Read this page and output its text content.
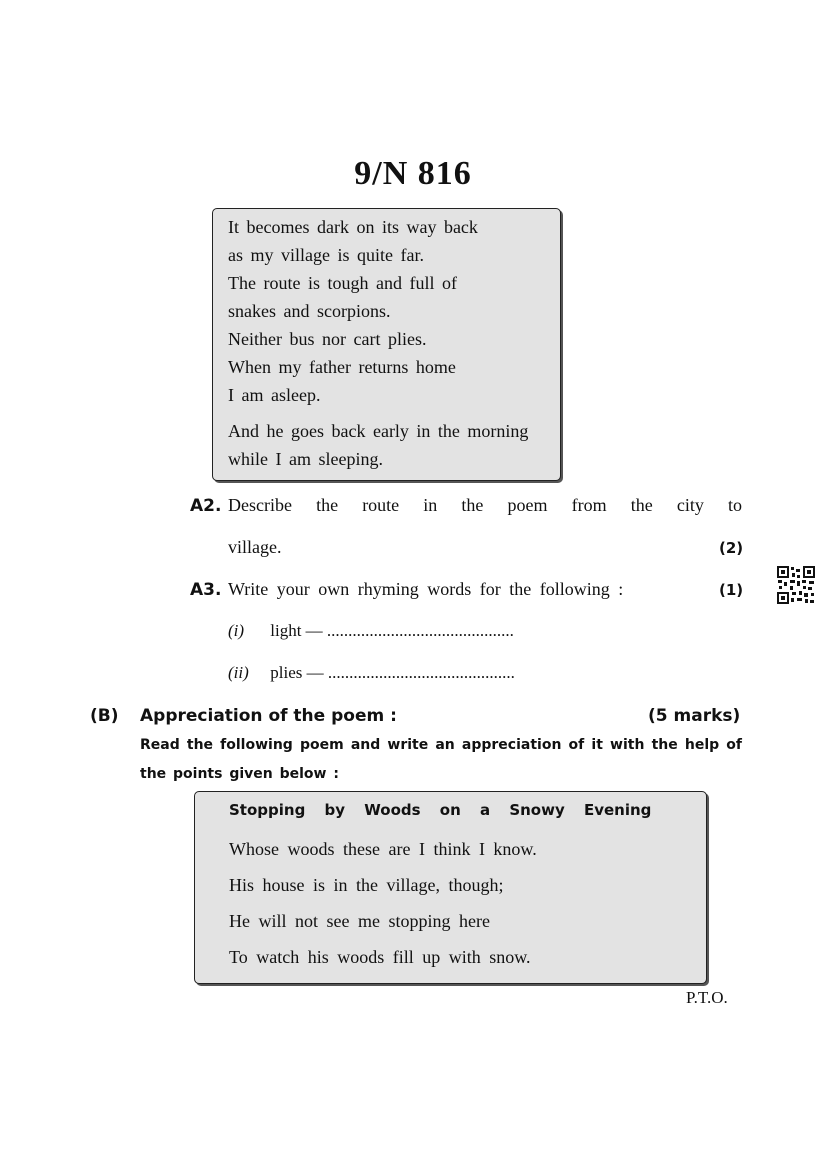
9/N 816
It becomes dark on its way back
as my village is quite far.
The route is tough and full of
snakes and scorpions.
Neither bus nor cart plies.
When my father returns home
I am asleep.
And he goes back early in the morning
while I am sleeping.
A2. Describe the route in the poem from the city to
village.	(2)
A3. Write your own rhyming words for the following :	(1)
(i) light — ............................................
(ii) plies — ............................................
(B) Appreciation of the poem :	(5 marks)
Read the following poem and write an appreciation of it with the help of the points given below :
Stopping by Woods on a Snowy Evening
Whose woods these are I think I know.
His house is in the village, though;
He will not see me stopping here
To watch his woods fill up with snow.
P.T.O.
